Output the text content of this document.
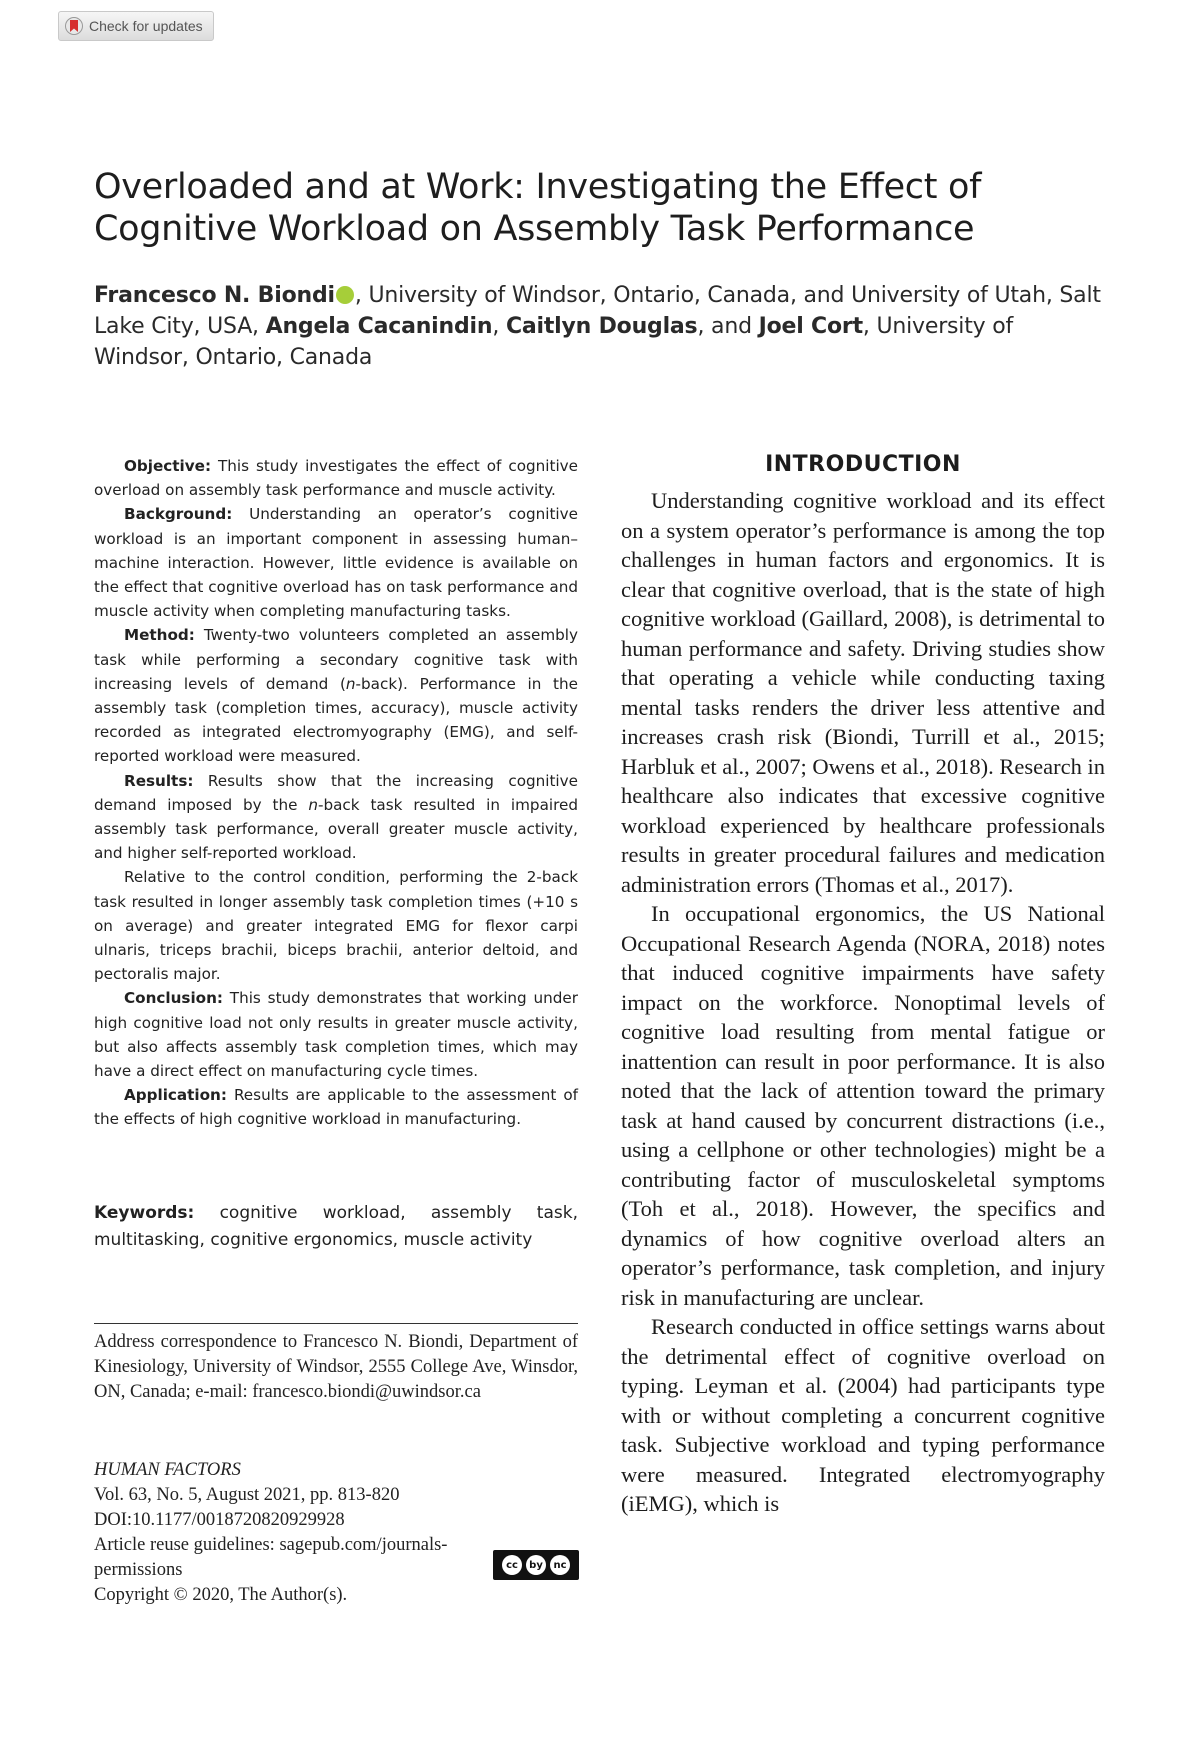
Check for updates
Overloaded and at Work: Investigating the Effect of
Cognitive Workload on Assembly Task Performance

Francesco N. Biondi , University of Windsor, Ontario, Canada, and University of Utah, Salt Lake City, USA, Angela Cacanindin, Caitlyn Douglas, and Joel Cort, University of Windsor, Ontario, Canada

Objective: This study investigates the effect of cognitive overload on assembly task performance and muscle activity.

Background: Understanding an operator’s cognitive workload is an important component in assessing human–machine interaction. However, little evidence is available on the effect that cognitive overload has on task performance and muscle activity when completing manufacturing tasks.

Method: Twenty-two volunteers completed an assembly task while performing a secondary cognitive task with increasing levels of demand (n-back). Performance in the assembly task (completion times, accuracy), muscle activity recorded as integrated electromyography (EMG), and self-reported workload were measured.

Results: Results show that the increasing cognitive demand imposed by the n-back task resulted in impaired assembly task performance, overall greater muscle activity, and higher self-reported workload.

Relative to the control condition, performing the 2-back task resulted in longer assembly task completion times (+10 s on average) and greater integrated EMG for flexor carpi ulnaris, triceps brachii, biceps brachii, anterior deltoid, and pectoralis major.

Conclusion: This study demonstrates that working under high cognitive load not only results in greater muscle activity, but also affects assembly task completion times, which may have a direct effect on manufacturing cycle times.

Application: Results are applicable to the assessment of the effects of high cognitive workload in manufacturing.

Keywords: cognitive workload, assembly task, multitasking, cognitive ergonomics, muscle activity

Address correspondence to Francesco N. Biondi, Department of Kinesiology, University of Windsor, 2555 College Ave, Winsdor, ON, Canada; e-mail: francesco.biondi@uwindsor.ca

HUMAN FACTORS
Vol. 63, No. 5, August 2021, pp. 813-820
DOI:10.1177/0018720820929928
Article reuse guidelines: sagepub.com/journals-permissions
Copyright © 2020, The Author(s).
cc	by	nc
INTRODUCTION

Understanding cognitive workload and its effect on a system operator’s performance is among the top challenges in human factors and ergonomics. It is clear that cognitive overload, that is the state of high cognitive workload (Gaillard, 2008), is detrimental to human performance and safety. Driving studies show that operating a vehicle while conducting taxing mental tasks renders the driver less attentive and increases crash risk (Biondi, Turrill et al., 2015; Harbluk et al., 2007; Owens et al., 2018). Research in healthcare also indicates that excessive cognitive workload experienced by healthcare professionals results in greater procedural failures and medication administration errors (Thomas et al., 2017).

In occupational ergonomics, the US National Occupational Research Agenda (NORA, 2018) notes that induced cognitive impairments have safety impact on the workforce. Nonoptimal levels of cognitive load resulting from mental fatigue or inattention can result in poor performance. It is also noted that the lack of attention toward the primary task at hand caused by concurrent distractions (i.e., using a cellphone or other technologies) might be a contributing factor of musculoskeletal symptoms (Toh et al., 2018). However, the specifics and dynamics of how cognitive overload alters an operator’s performance, task completion, and injury risk in manufacturing are unclear.

Research conducted in office settings warns about the detrimental effect of cognitive overload on typing. Leyman et al. (2004) had participants type with or without completing a concurrent cognitive task. Subjective workload and typing performance were measured. Integrated electromyography (iEMG), which is
